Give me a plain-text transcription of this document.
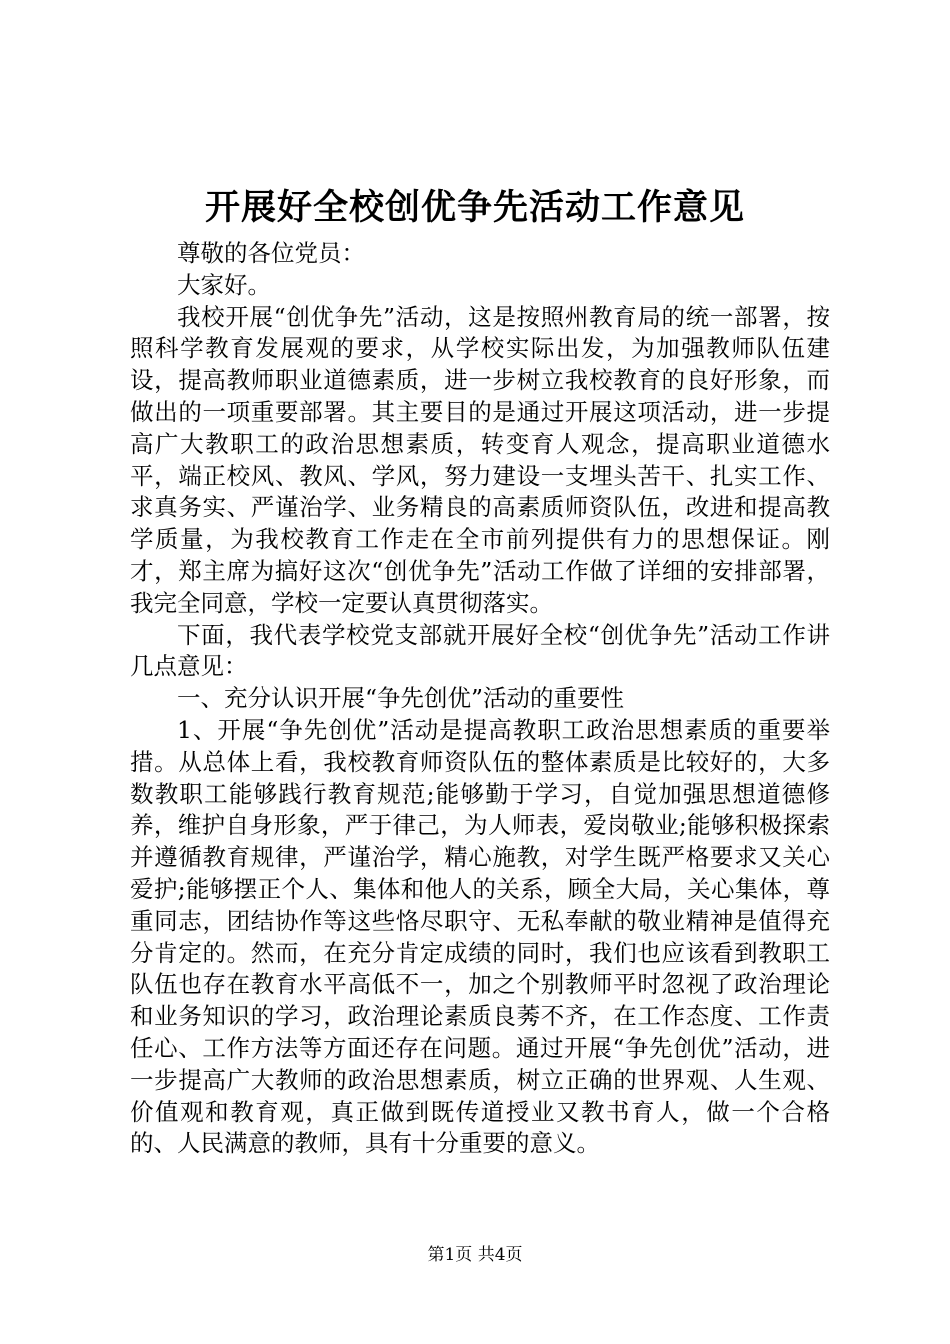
开展好全校创优争先活动工作意见

尊敬的各位党员：

大家好。

我校开展“创优争先”活动，这是按照州教育局的统一部署，按照科学教育发展观的要求，从学校实际出发，为加强教师队伍建设，提高教师职业道德素质，进一步树立我校教育的良好形象，而做出的一项重要部署。其主要目的是通过开展这项活动，进一步提高广大教职工的政治思想素质，转变育人观念，提高职业道德水平，端正校风、教风、学风，努力建设一支埋头苦干、扎实工作、求真务实、严谨治学、业务精良的高素质师资队伍，改进和提高教学质量，为我校教育工作走在全市前列提供有力的思想保证。刚才，郑主席为搞好这次“创优争先”活动工作做了详细的安排部署，我完全同意，学校一定要认真贯彻落实。

下面，我代表学校党支部就开展好全校“创优争先”活动工作讲几点意见：

一、充分认识开展“争先创优”活动的重要性

1、开展“争先创优”活动是提高教职工政治思想素质的重要举措。从总体上看，我校教育师资队伍的整体素质是比较好的，大多数教职工能够践行教育规范;能够勤于学习，自觉加强思想道德修养，维护自身形象，严于律己，为人师表，爱岗敬业;能够积极探索并遵循教育规律，严谨治学，精心施教，对学生既严格要求又关心爱护;能够摆正个人、集体和他人的关系，顾全大局，关心集体，尊重同志，团结协作等这些恪尽职守、无私奉献的敬业精神是值得充分肯定的。然而，在充分肯定成绩的同时，我们也应该看到教职工队伍也存在教育水平高低不一，加之个别教师平时忽视了政治理论和业务知识的学习，政治理论素质良莠不齐，在工作态度、工作责任心、工作方法等方面还存在问题。通过开展“争先创优”活动，进一步提高广大教师的政治思想素质，树立正确的世界观、人生观、价值观和教育观，真正做到既传道授业又教书育人，做一个合格的、人民满意的教师，具有十分重要的意义。

第1页 共4页
